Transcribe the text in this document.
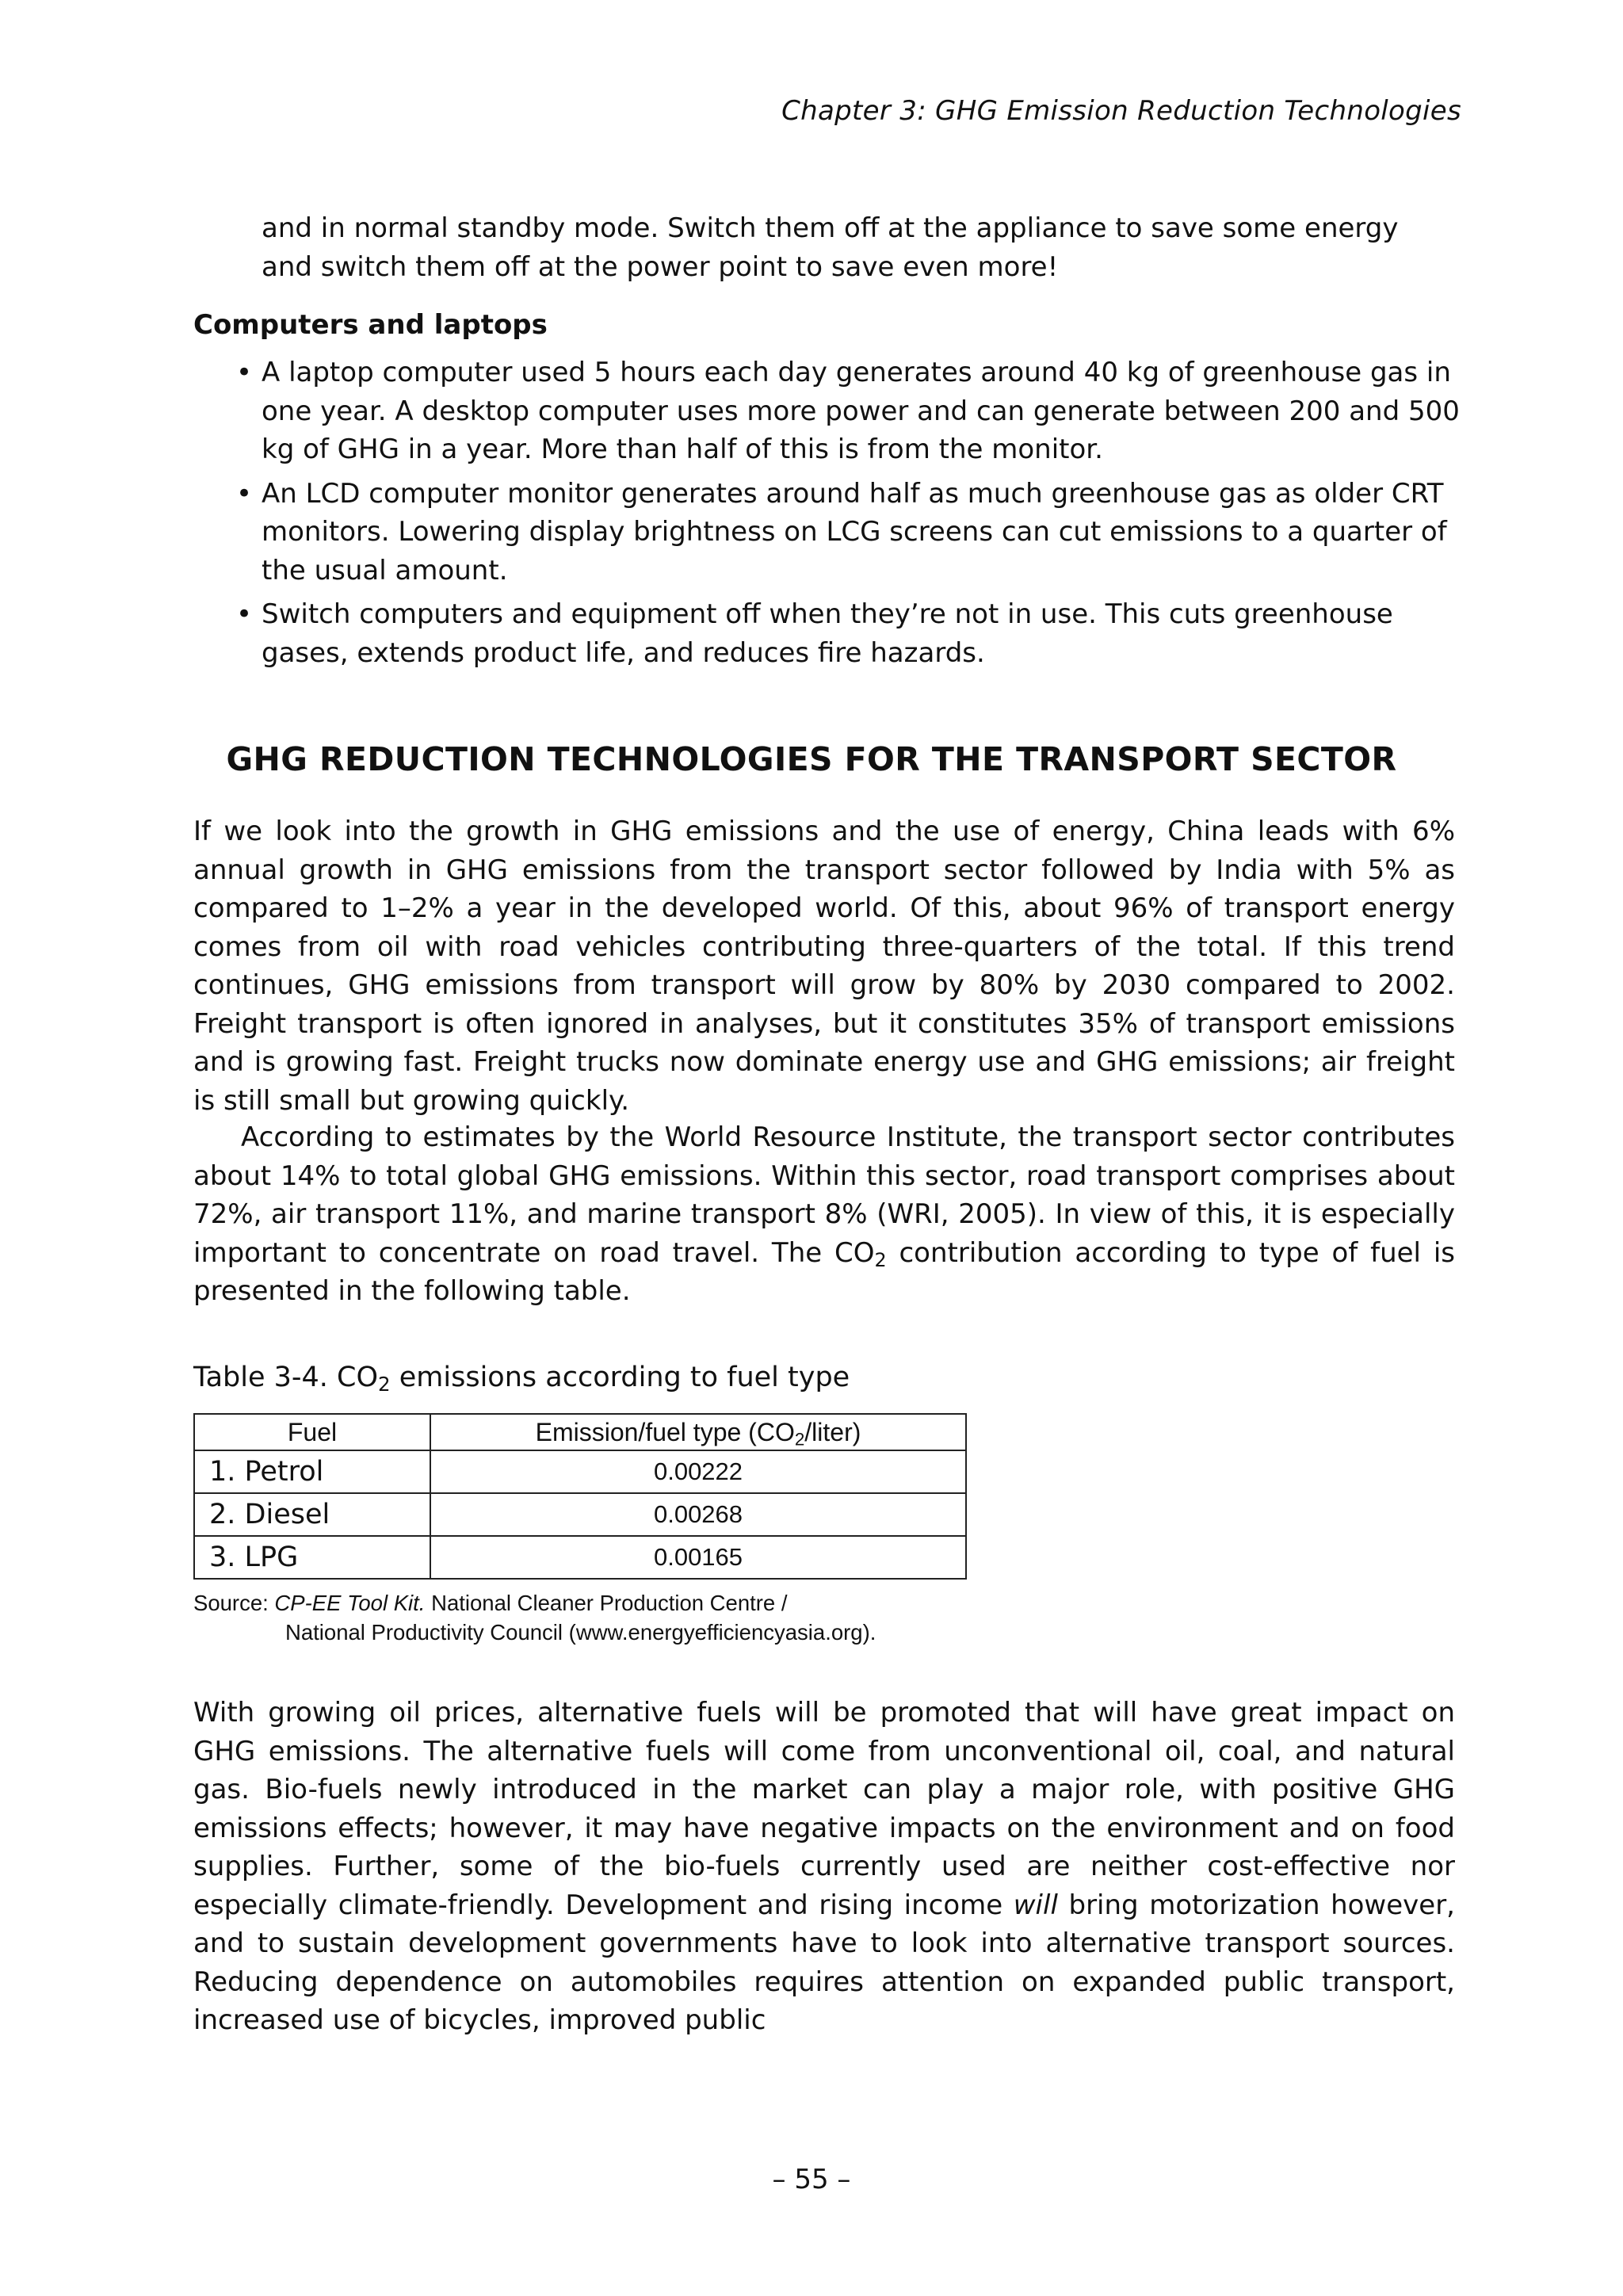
Chapter 3: GHG Emission Reduction Technologies
and in normal standby mode. Switch them off at the appliance to save some energy and switch them off at the power point to save even more!
Computers and laptops
• A laptop computer used 5 hours each day generates around 40 kg of greenhouse gas in one year. A desktop computer uses more power and can generate between 200 and 500 kg of GHG in a year. More than half of this is from the monitor.
• An LCD computer monitor generates around half as much greenhouse gas as older CRT monitors. Lowering display brightness on LCG screens can cut emissions to a quarter of the usual amount.
• Switch computers and equipment off when they’re not in use. This cuts greenhouse gases, extends product life, and reduces fire hazards.
GHG REDUCTION TECHNOLOGIES FOR THE TRANSPORT SECTOR

If we look into the growth in GHG emissions and the use of energy, China leads with 6% annual growth in GHG emissions from the transport sector followed by India with 5% as compared to 1–2% a year in the developed world. Of this, about 96% of transport energy comes from oil with road vehicles contributing three-quarters of the total. If this trend continues, GHG emissions from transport will grow by 80% by 2030 compared to 2002. Freight transport is often ignored in analyses, but it constitutes 35% of transport emissions and is growing fast. Freight trucks now dominate energy use and GHG emissions; air freight is still small but growing quickly.

According to estimates by the World Resource Institute, the transport sector contributes about 14% to total global GHG emissions. Within this sector, road transport comprises about 72%, air transport 11%, and marine transport 8% (WRI, 2005). In view of this, it is especially important to concentrate on road travel. The $CO_2$ contribution according to type of fuel is presented in the following table.

Table 3-4. $CO_2$ emissions according to fuel type
Fuel	Emission/fuel type $(CO_2/liter)$
1. Petrol	0.00222
2. Diesel	0.00268
3. LPG	0.00165
Source: CP-EE Tool Kit. National Cleaner Production Centre /
National Productivity Council (www.energyefficiencyasia.org).

With growing oil prices, alternative fuels will be promoted that will have great impact on GHG emissions. The alternative fuels will come from unconventional oil, coal, and natural gas. Bio-fuels newly introduced in the market can play a major role, with positive GHG emissions effects; however, it may have negative impacts on the environment and on food supplies. Further, some of the bio-fuels currently used are neither cost-effective nor especially climate-friendly. Development and rising income will bring motorization however, and to sustain development governments have to look into alternative transport sources. Reducing dependence on automobiles requires attention on expanded public transport, increased use of bicycles, improved public

– 55 –
